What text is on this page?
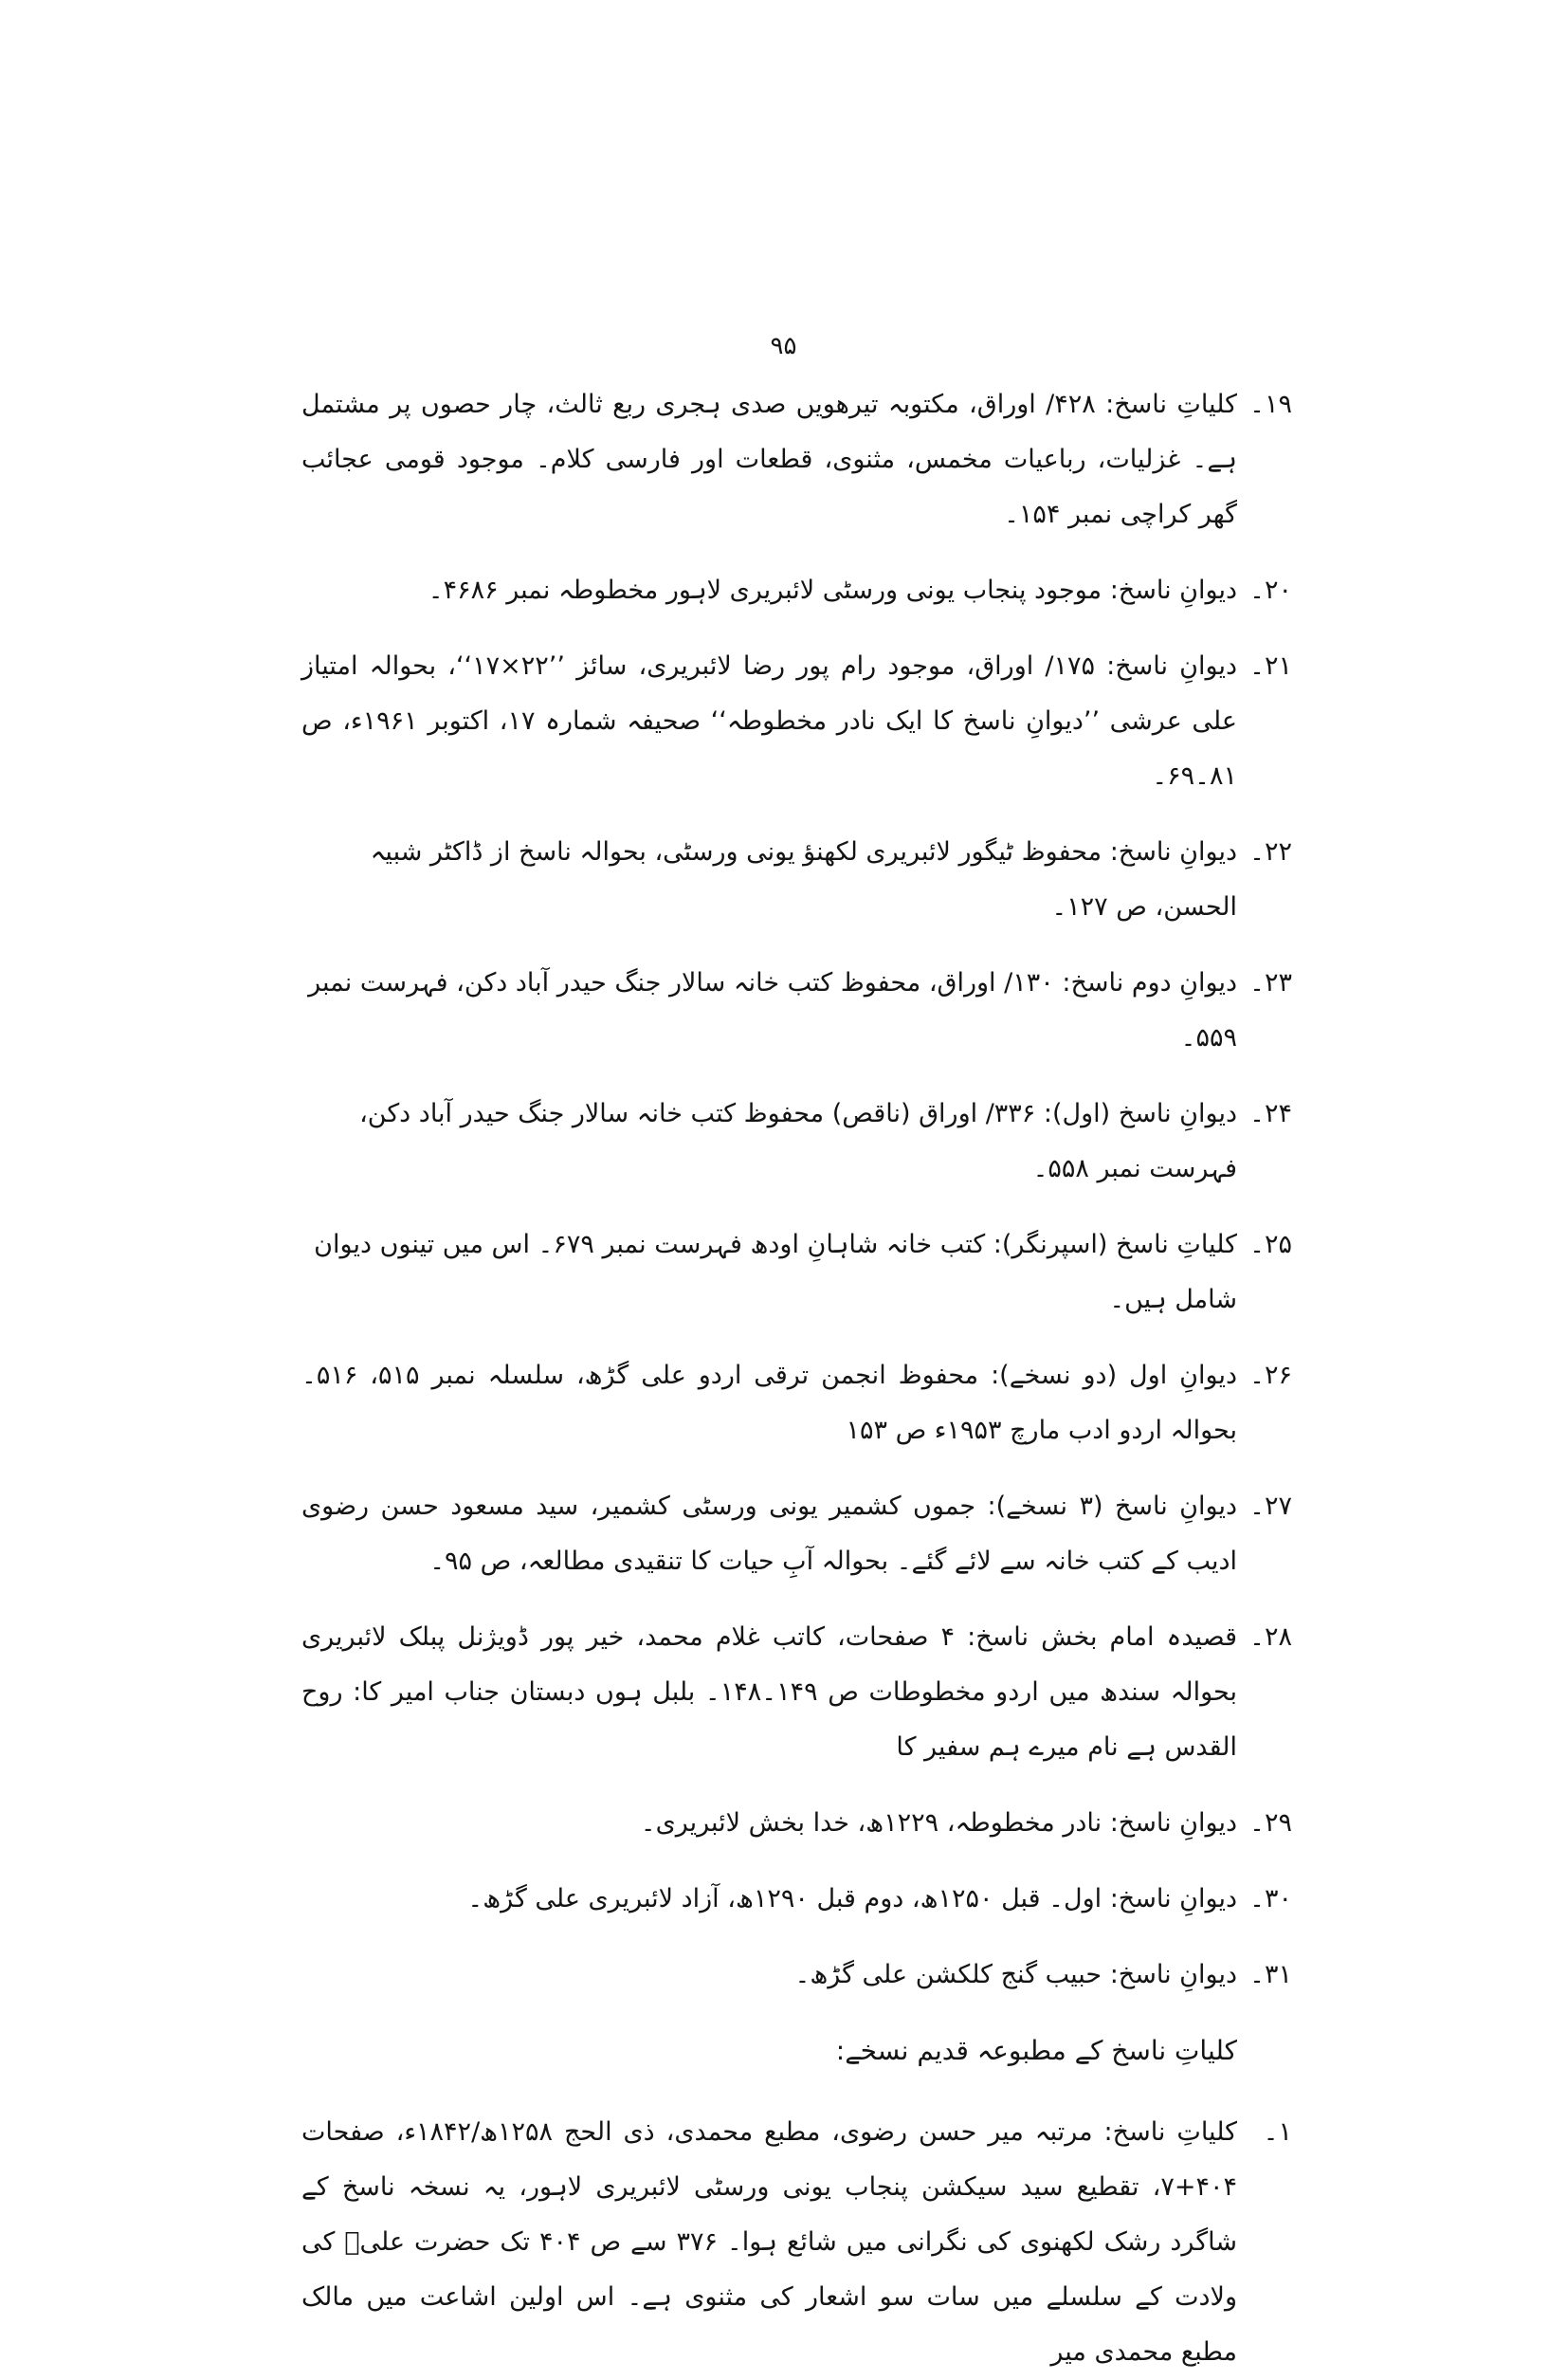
۹۵
۱۹۔
کلیاتِ ناسخ: ۴۲۸/ اوراق، مکتوبہ تیرھویں صدی ہجری ربع ثالث، چار حصوں پر مشتمل ہے۔ غزلیات، رباعیات مخمس، مثنوی، قطعات اور فارسی کلام۔ موجود قومی عجائب گھر کراچی نمبر ۱۵۴۔
۲۰۔
دیوانِ ناسخ: موجود پنجاب یونی ورسٹی لائبریری لاہور مخطوطہ نمبر ۴۶۸۶۔
۲۱۔
دیوانِ ناسخ: ۱۷۵/ اوراق، موجود رام پور رضا لائبریری، سائز ’’۲۲×۱۷‘‘، بحوالہ امتیاز علی عرشی ’’دیوانِ ناسخ کا ایک نادر مخطوطہ‘‘ صحیفہ شمارہ ۱۷، اکتوبر ۱۹۶۱ء، ص ۸۱۔۶۹۔
۲۲۔
دیوانِ ناسخ: محفوظ ٹیگور لائبریری لکھنؤ یونی ورسٹی، بحوالہ ناسخ از ڈاکٹر شبیہ الحسن، ص ۱۲۷۔
۲۳۔
دیوانِ دوم ناسخ: ۱۳۰/ اوراق، محفوظ کتب خانہ سالار جنگ حیدر آباد دکن، فہرست نمبر ۵۵۹۔
۲۴۔
دیوانِ ناسخ (اول): ۳۳۶/ اوراق (ناقص) محفوظ کتب خانہ سالار جنگ حیدر آباد دکن، فہرست نمبر ۵۵۸۔
۲۵۔
کلیاتِ ناسخ (اسپرنگر): کتب خانہ شاہانِ اودھ فہرست نمبر ۶۷۹۔ اس میں تینوں دیوان شامل ہیں۔
۲۶۔
دیوانِ اول (دو نسخے): محفوظ انجمن ترقی اردو علی گڑھ، سلسلہ نمبر ۵۱۵، ۵۱۶۔ بحوالہ اردو ادب مارچ ۱۹۵۳ء ص ۱۵۳
۲۷۔
دیوانِ ناسخ (۳ نسخے): جموں کشمیر یونی ورسٹی کشمیر، سید مسعود حسن رضوی ادیب کے کتب خانہ سے لائے گئے۔ بحوالہ آبِ حیات کا تنقیدی مطالعہ، ص ۹۵۔
۲۸۔
قصیدہ امام بخش ناسخ: ۴ صفحات، کاتب غلام محمد، خیر پور ڈویژنل پبلک لائبریری بحوالہ سندھ میں اردو مخطوطات ص ۱۴۹۔۱۴۸۔ بلبل ہوں دبستان جناب امیر کا: روح القدس ہے نام میرے ہم سفیر کا
۲۹۔
دیوانِ ناسخ: نادر مخطوطہ، ۱۲۲۹ھ، خدا بخش لائبریری۔
۳۰۔
دیوانِ ناسخ: اول۔ قبل ۱۲۵۰ھ، دوم قبل ۱۲۹۰ھ، آزاد لائبریری علی گڑھ۔
۳۱۔
دیوانِ ناسخ: حبیب گنج کلکشن علی گڑھ۔
کلیاتِ ناسخ کے مطبوعہ قدیم نسخے:
۱۔
کلیاتِ ناسخ: مرتبہ میر حسن رضوی، مطبع محمدی، ذی الحج ۱۲۵۸ھ/۱۸۴۲ء، صفحات ۴۰۴+۷، تقطیع سید سیکشن پنجاب یونی ورسٹی لائبریری لاہور، یہ نسخہ ناسخ کے شاگرد رشک لکھنوی کی نگرانی میں شائع ہوا۔ ۳۷۶ سے ص ۴۰۴ تک حضرت علیؓ کی ولادت کے سلسلے میں سات سو اشعار کی مثنوی ہے۔ اس اولین اشاعت میں مالک مطبع محمدی میر
